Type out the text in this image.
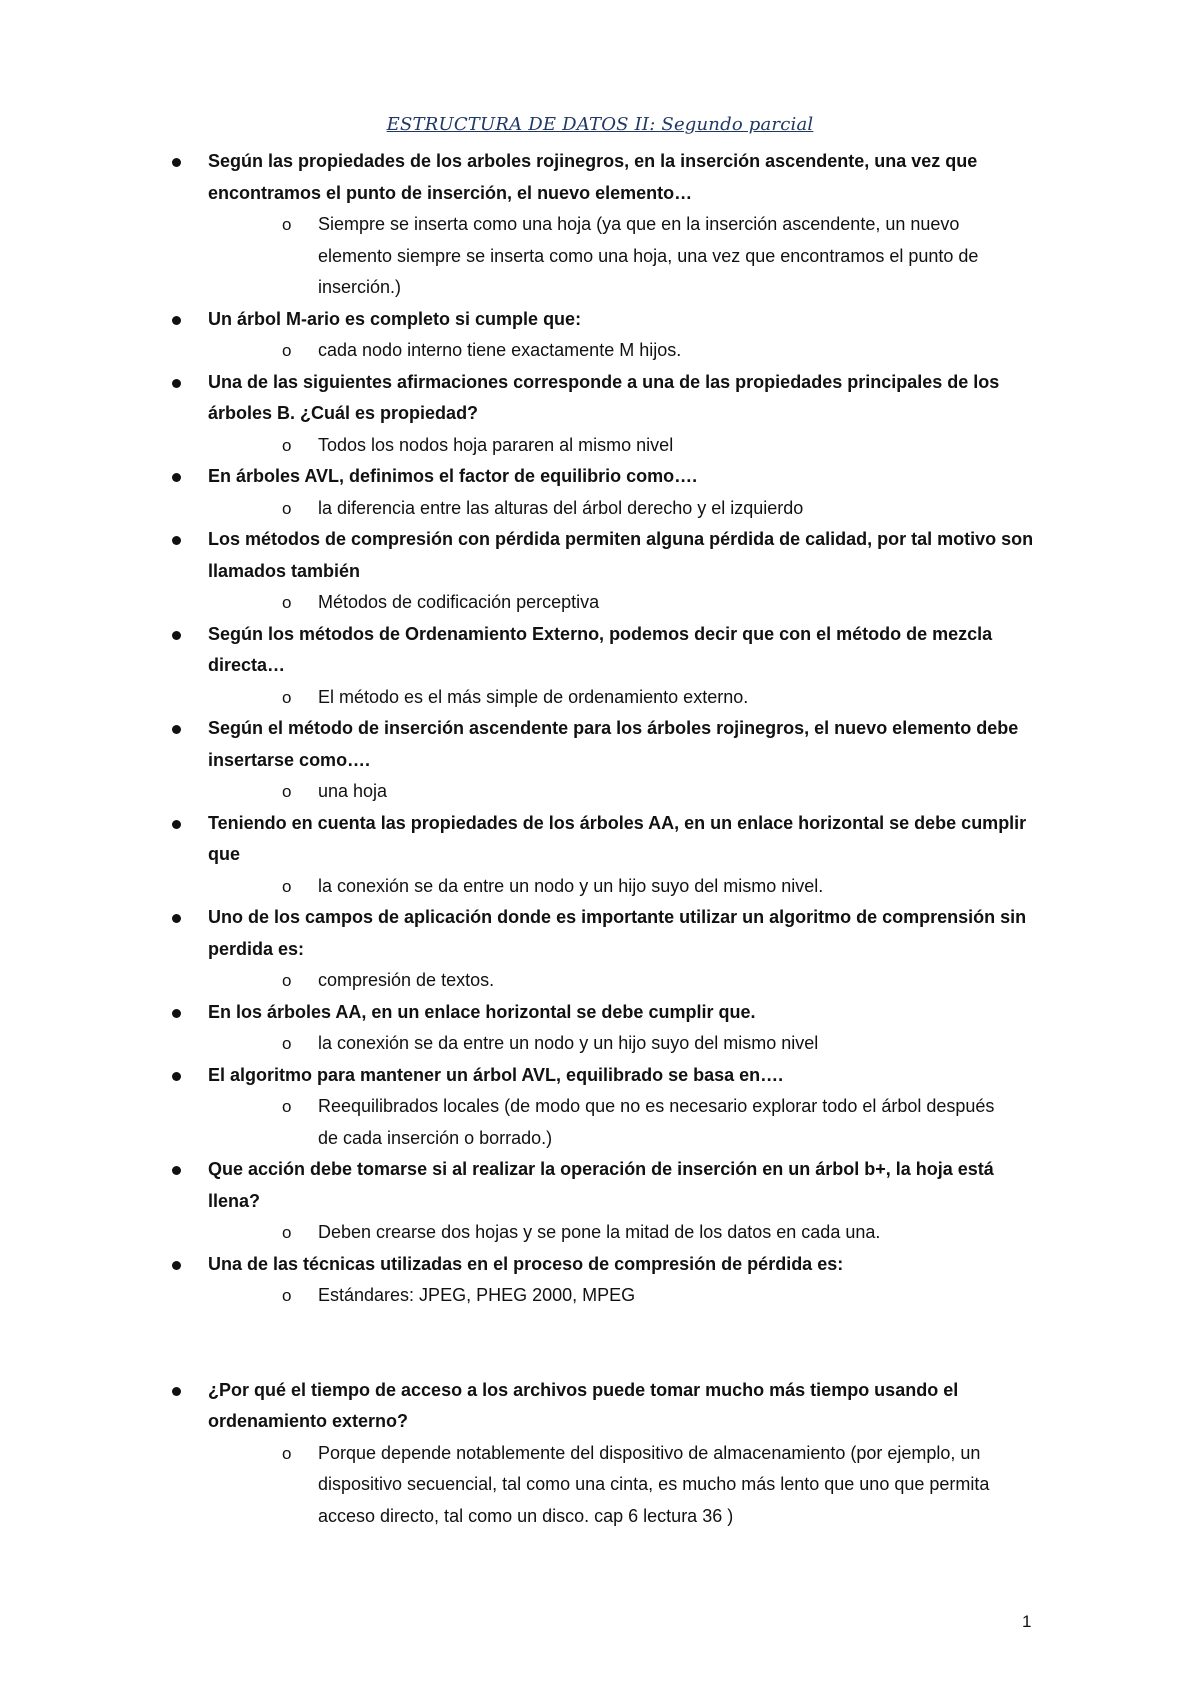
ESTRUCTURA DE DATOS II: Segundo parcial
Según las propiedades de los arboles rojinegros, en la inserción ascendente, una vez que encontramos el punto de inserción, el nuevo elemento…
o Siempre se inserta como una hoja (ya que en la inserción ascendente, un nuevo elemento siempre se inserta como una hoja, una vez que encontramos el punto de inserción.)
Un árbol M-ario es completo si cumple que:
o cada nodo interno tiene exactamente M hijos.
Una de las siguientes afirmaciones corresponde a una de las propiedades principales de los árboles B. ¿Cuál es propiedad?
o Todos los nodos hoja pararen al mismo nivel
En árboles AVL, definimos el factor de equilibrio como….
o la diferencia entre las alturas del árbol derecho y el izquierdo
Los métodos de compresión con pérdida permiten alguna pérdida de calidad, por tal motivo son llamados también
o Métodos de codificación perceptiva
Según los métodos de Ordenamiento Externo, podemos decir que con el método de mezcla directa…
o El método es el más simple de ordenamiento externo.
Según el método de inserción ascendente para los árboles rojinegros, el nuevo elemento debe insertarse como….
o una hoja
Teniendo en cuenta las propiedades de los árboles AA, en un enlace horizontal se debe cumplir que
o la conexión se da entre un nodo y un hijo suyo del mismo nivel.
Uno de los campos de aplicación donde es importante utilizar un algoritmo de comprensión sin perdida es:
o compresión de textos.
En los árboles AA, en un enlace horizontal se debe cumplir que.
o la conexión se da entre un nodo y un hijo suyo del mismo nivel
El algoritmo para mantener un árbol AVL, equilibrado se basa en….
o Reequilibrados locales (de modo que no es necesario explorar todo el árbol después de cada inserción o borrado.)
Que acción debe tomarse si al realizar la operación de inserción en un árbol b+, la hoja está llena?
o Deben crearse dos hojas y se pone la mitad de los datos en cada una.
Una de las técnicas utilizadas en el proceso de compresión de pérdida es:
o Estándares: JPEG, PHEG 2000, MPEG
¿Por qué el tiempo de acceso a los archivos puede tomar mucho más tiempo usando el ordenamiento externo?
o Porque depende notablemente del dispositivo de almacenamiento (por ejemplo, un dispositivo secuencial, tal como una cinta, es mucho más lento que uno que permita acceso directo, tal como un disco. cap 6 lectura 36 )
1
